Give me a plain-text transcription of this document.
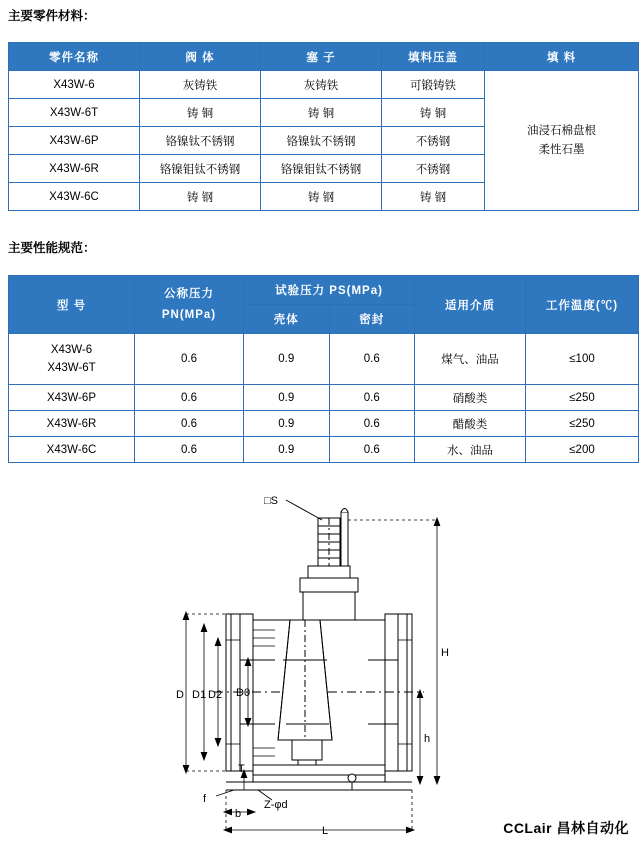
主要零件材料：
零件名称	阀 体	塞 子	填料压盖	填 料
X43W-6	灰铸铁	灰铸铁	可锻铸铁	油浸石棉盘根
柔性石墨

X43W-6T	铸 铜	铸 铜	铸 铜	
X43W-6P	铬镍钛不锈钢	铬镍钛不锈钢	不锈钢	
X43W-6R	铬镍钼钛不锈钢	铬镍钼钛不锈钢	不锈钢	
X43W-6C	铸 钢	铸 钢	铸 钢	
主要性能规范：
型 号	公称压力
PN(MPa)	试验压力 PS(MPa)		适用介质	工作温度(℃)
		壳体	密封		

X43W-6
X43W-6T	0.6	0.9	0.6	煤气、油品	≤100
X43W-6P	0.6	0.9	0.6	硝酸类	≤250
X43W-6R	0.6	0.9	0.6	醋酸类	≤250
X43W-6C	0.6	0.9	0.6	水、油品	≤200
□S
H
h
D D1 D2 D0
L
b
f
T
Z-φd
CCLair 昌林自动化
